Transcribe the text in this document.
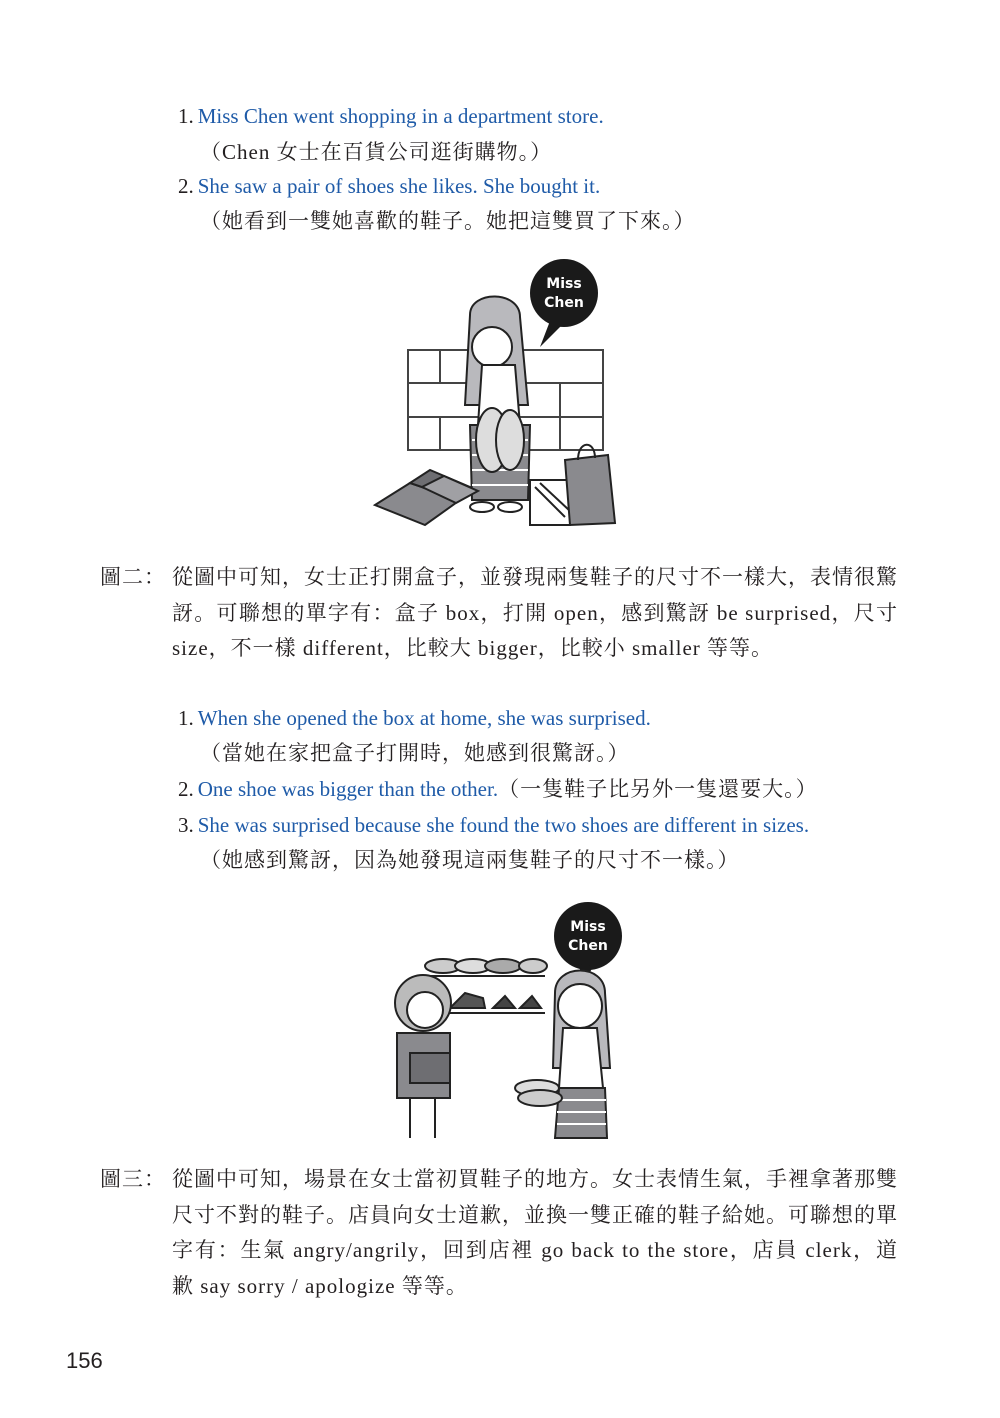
1. Miss Chen went shopping in a department store.
（Chen 女士在百貨公司逛街購物。）
2. She saw a pair of shoes she likes. She bought it.
（她看到一雙她喜歡的鞋子。她把這雙買了下來。）
Miss
Chen
圖二： 從圖中可知，女士正打開盒子，並發現兩隻鞋子的尺寸不一樣大，表情很驚訝。可聯想的單字有：盒子 box，打開 open，感到驚訝 be surprised，尺寸 size，不一樣 different，比較大 bigger，比較小 smaller 等等。
1. When she opened the box at home, she was surprised.
（當她在家把盒子打開時，她感到很驚訝。）
2. One shoe was bigger than the other.（一隻鞋子比另外一隻還要大。）
3. She was surprised because she found the two shoes are different in sizes.
（她感到驚訝，因為她發現這兩隻鞋子的尺寸不一樣。）
Miss
Chen
圖三： 從圖中可知，場景在女士當初買鞋子的地方。女士表情生氣，手裡拿著那雙尺寸不對的鞋子。店員向女士道歉，並換一雙正確的鞋子給她。可聯想的單字有：生氣 angry/angrily，回到店裡 go back to the store，店員 clerk，道歉 say sorry / apologize 等等。
156
